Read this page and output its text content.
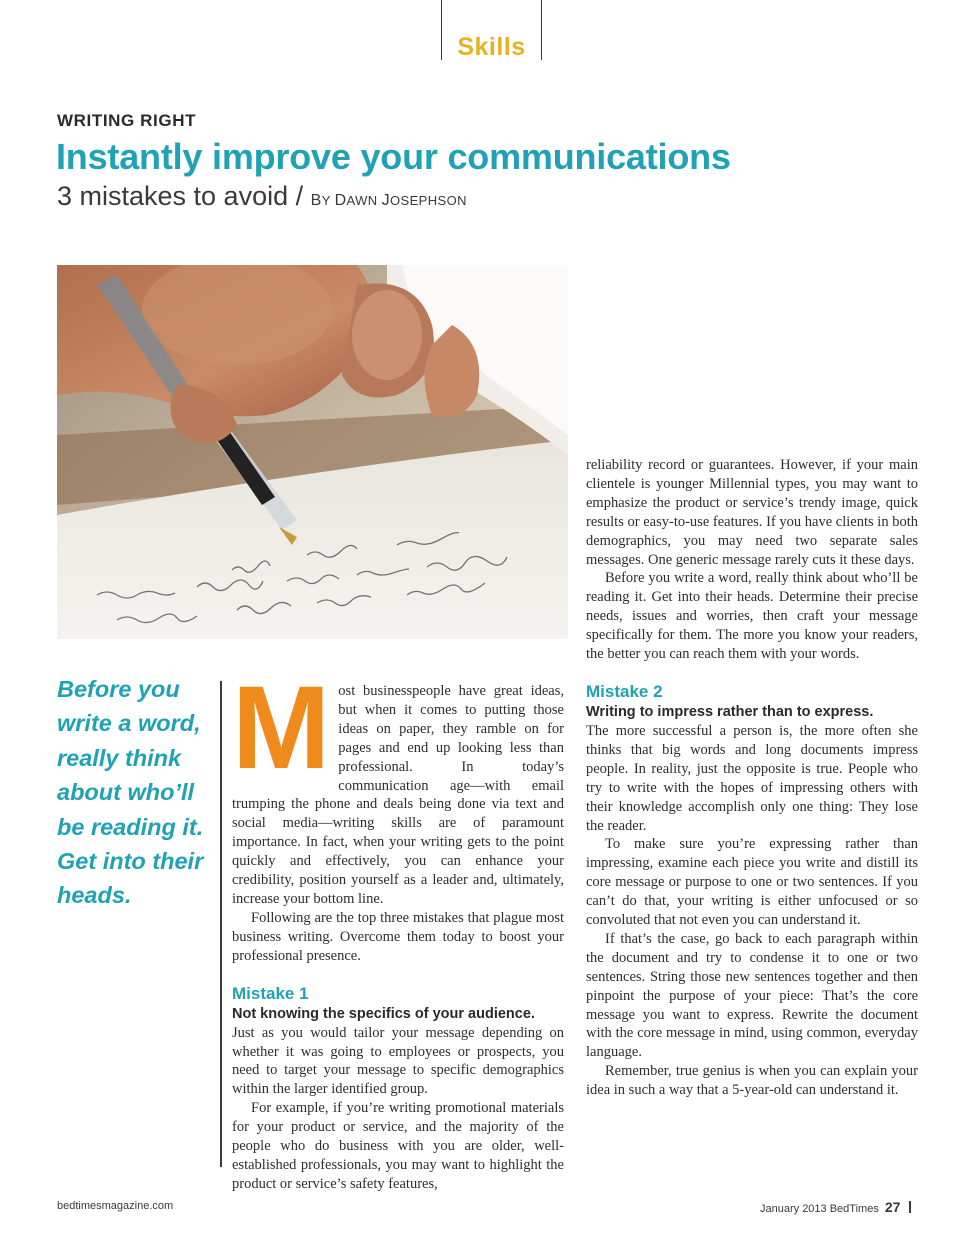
Skills
WRITING RIGHT
Instantly improve your communications
3 mistakes to avoid / BY DAWN JOSEPHSON
Before you write a word, really think about who’ll be reading it. Get into their heads.

Most businesspeople have great ideas, but when it comes to putting those ideas on paper, they ramble on for pages and end up looking less than professional. In today’s communication age—with email trumping the phone and deals being done via text and social media—writing skills are of paramount importance. In fact, when your writing gets to the point quickly and effectively, you can enhance your credibility, position yourself as a leader and, ultimately, increase your bottom line.

Following are the top three mistakes that plague most business writing. Overcome them today to boost your professional presence.

Mistake 1

Not knowing the specifics of your audience.

Just as you would tailor your message depending on whether it was going to employees or prospects, you need to target your message to specific demographics within the larger identified group.

For example, if you’re writing promotional materials for your product or service, and the majority of the people who do business with you are older, well-established professionals, you may want to highlight the product or service’s safety features,

reliability record or guarantees. However, if your main clientele is younger Millennial types, you may want to emphasize the product or service’s trendy image, quick results or easy-to-use features. If you have clients in both demographics, you may need two separate sales messages. One generic message rarely cuts it these days.

Before you write a word, really think about who’ll be reading it. Get into their heads. Determine their precise needs, issues and worries, then craft your message specifically for them. The more you know your readers, the better you can reach them with your words.

Mistake 2

Writing to impress rather than to express.

The more successful a person is, the more often she thinks that big words and long documents impress people. In reality, just the opposite is true. People who try to write with the hopes of impressing others with their knowledge accomplish only one thing: They lose the reader.

To make sure you’re expressing rather than impressing, examine each piece you write and distill its core message or purpose to one or two sentences. If you can’t do that, your writing is either unfocused or so convoluted that not even you can understand it.

If that’s the case, go back to each paragraph within the document and try to condense it to one or two sentences. String those new sentences together and then pinpoint the purpose of your piece: That’s the core message you want to express. Rewrite the document with the core message in mind, using common, everyday language.

Remember, true genius is when you can explain your idea in such a way that a 5-year-old can understand it.

bedtimesmagazine.com	January 2013 BedTimes 27
